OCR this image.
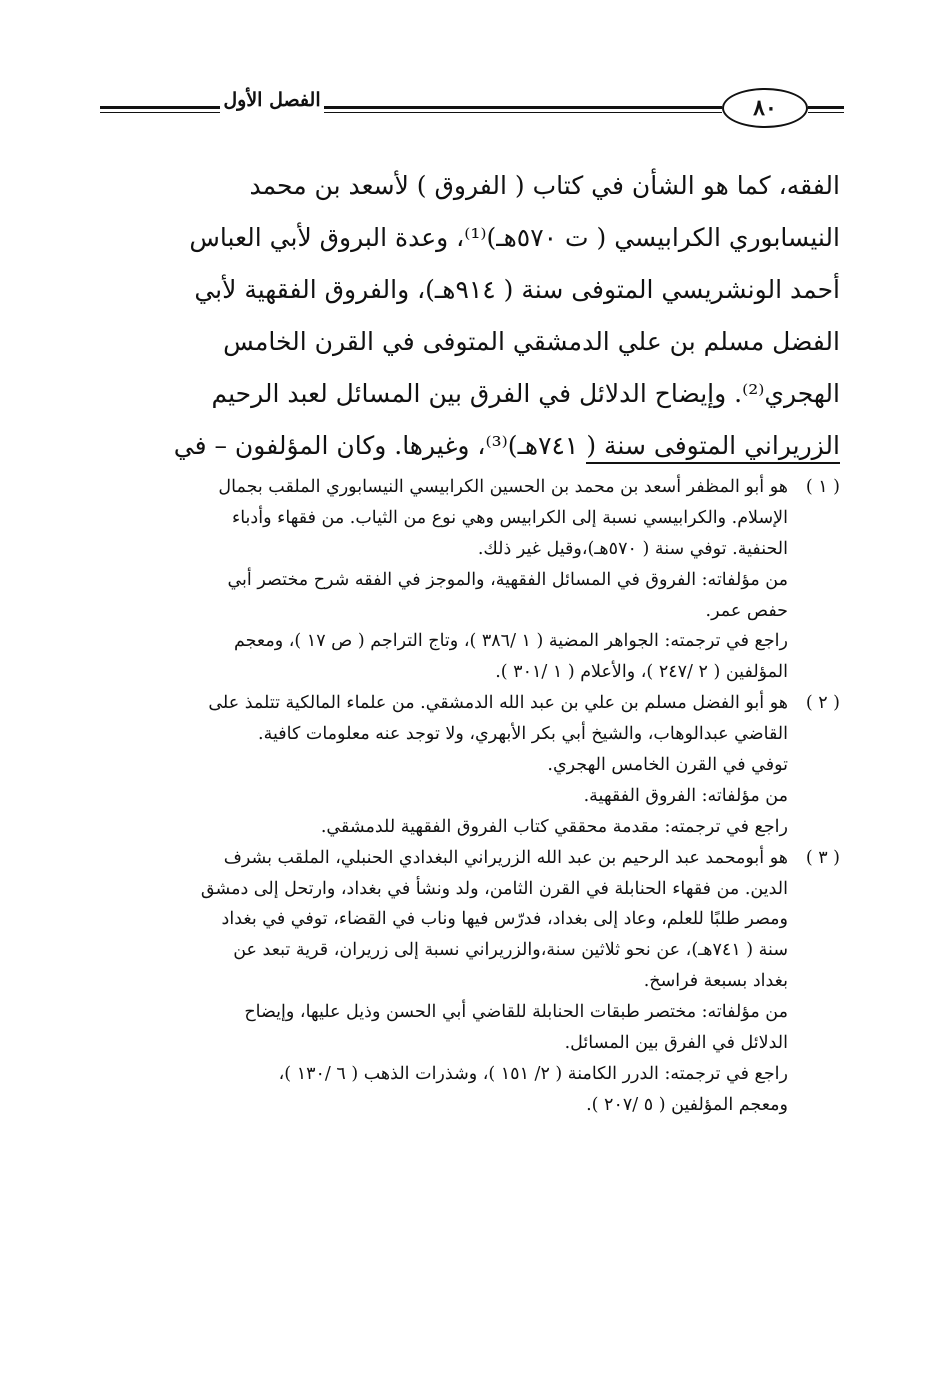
الفصل الأول	٨٠
الفقه، كما هو الشأن في كتاب ( الفروق ) لأسعد بن محمد
النيسابوري الكرابيسي ( ت ٥٧٠هـ)⁽¹⁾، وعدة البروق لأبي العباس
أحمد الونشريسي المتوفى سنة ( ٩١٤هـ)، والفروق الفقهية لأبي
الفضل مسلم بن علي الدمشقي المتوفى في القرن الخامس
الهجري⁽²⁾. وإيضاح الدلائل في الفرق بين المسائل لعبد الرحيم
الزريراني المتوفى سنة ( ٧٤١هـ)⁽³⁾، وغيرها. وكان المؤلفون – في
( ١ )هو أبو المظفر أسعد بن محمد بن الحسين الكرابيسي النيسابوري الملقب بجمال
الإسلام. والكرابيسي نسبة إلى الكرابيس وهي نوع من الثياب. من فقهاء وأدباء
الحنفية. توفي سنة ( ٥٧٠هـ)،وقيل غير ذلك.
من مؤلفاته: الفروق في المسائل الفقهية، والموجز في الفقه شرح مختصر أبي
حفص عمر.
راجع في ترجمته: الجواهر المضية ( ١ /٣٨٦ )، وتاج التراجم ( ص ١٧ )، ومعجم
المؤلفين ( ٢ /٢٤٧ )، والأعلام ( ١ /٣٠١ ).
( ٢ )هو أبو الفضل مسلم بن علي بن عبد الله الدمشقي. من علماء المالكية تتلمذ على
القاضي عبدالوهاب، والشيخ أبي بكر الأبهري، ولا توجد عنه معلومات كافية.
توفي في القرن الخامس الهجري.
من مؤلفاته: الفروق الفقهية.
راجع في ترجمته: مقدمة محققي كتاب الفروق الفقهية للدمشقي.
( ٣ )هو أبومحمد عبد الرحيم بن عبد الله الزريراني البغدادي الحنبلي، الملقب بشرف
الدين. من فقهاء الحنابلة في القرن الثامن، ولد ونشأ في بغداد، وارتحل إلى دمشق
ومصر طلبًا للعلم، وعاد إلى بغداد، فدرّس فيها وناب في القضاء، توفي في بغداد
سنة ( ٧٤١هـ)، عن نحو ثلاثين سنة،والزريراني نسبة إلى زريران، قرية تبعد عن
بغداد بسبعة فراسخ.
من مؤلفاته: مختصر طبقات الحنابلة للقاضي أبي الحسن وذيل عليها، وإيضاح
الدلائل في الفرق بين المسائل.
راجع في ترجمته: الدرر الكامنة ( ٢/ ١٥١ )، وشذرات الذهب ( ٦ /١٣٠ )،
ومعجم المؤلفين ( ٥ /٢٠٧ ).
